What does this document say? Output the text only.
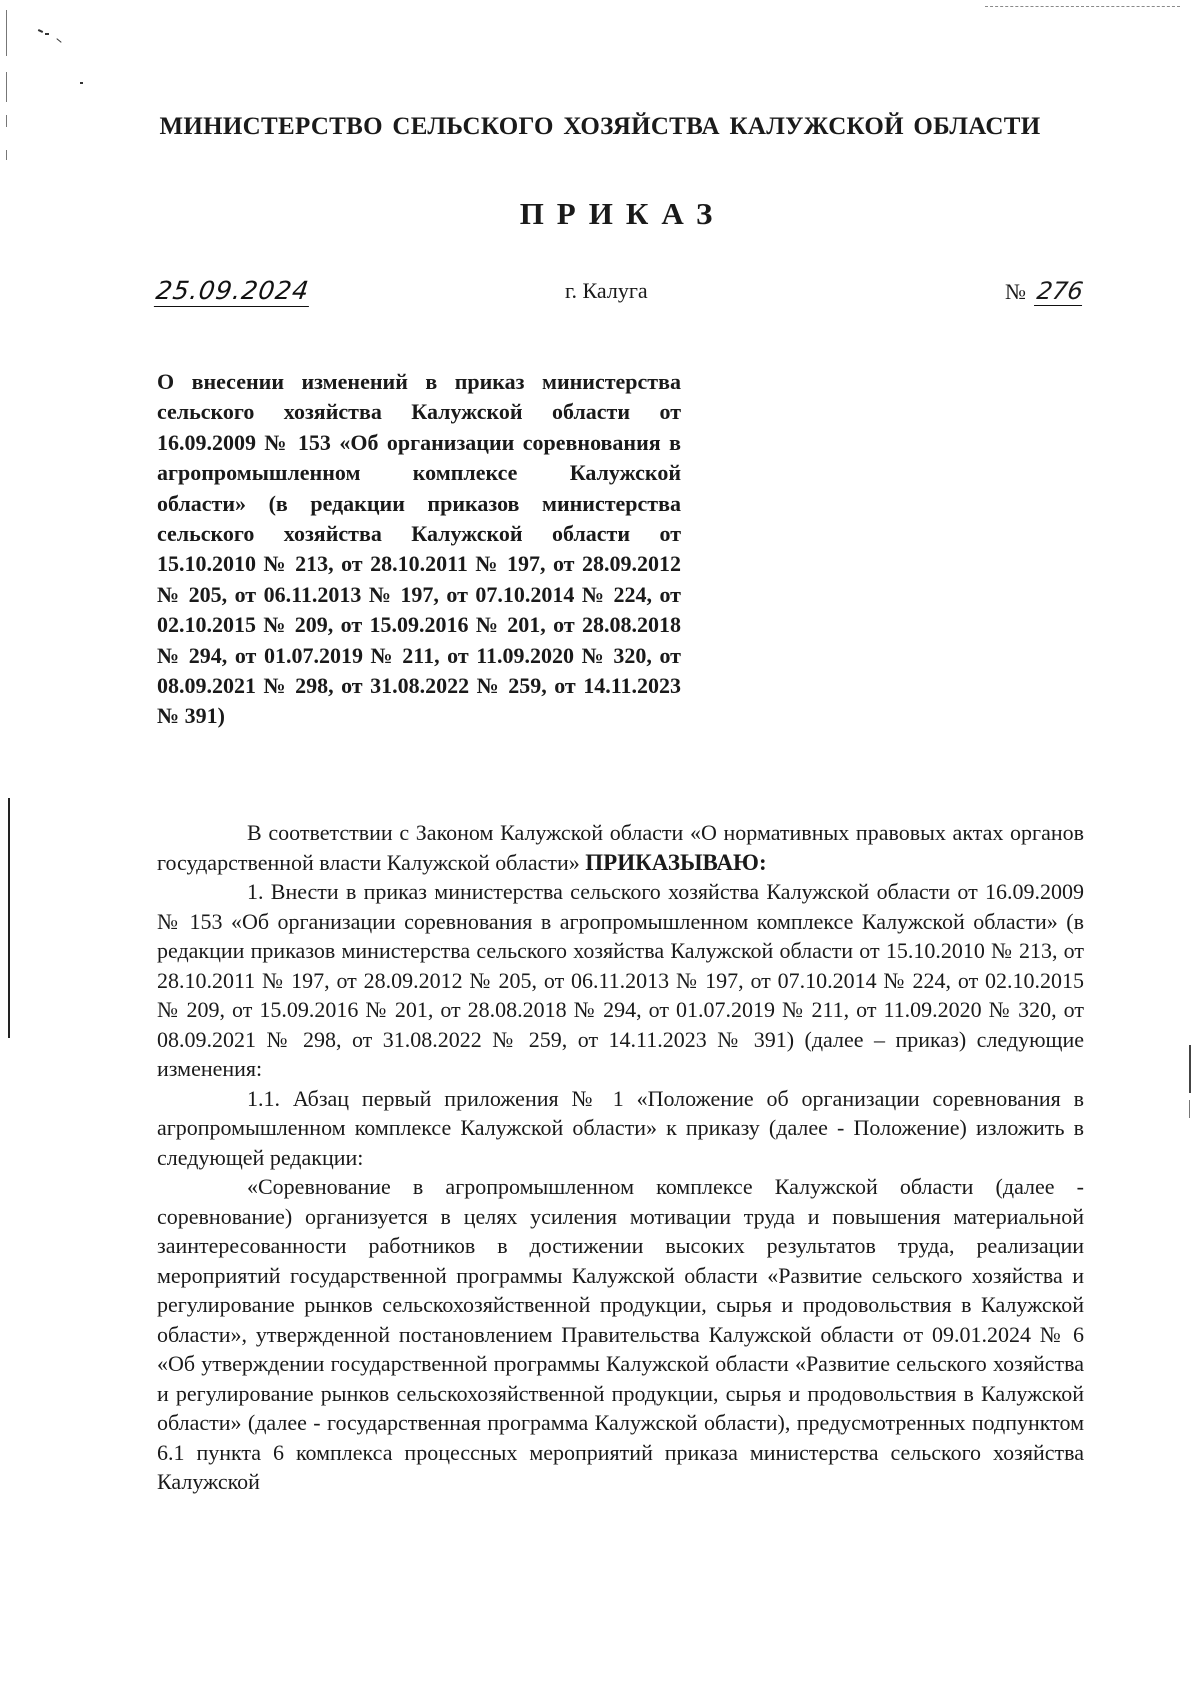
МИНИСТЕРСТВО СЕЛЬСКОГО ХОЗЯЙСТВА КАЛУЖСКОЙ ОБЛАСТИ
ПРИКАЗ
25.09.2024	г. Калуга	№ 276
О внесении изменений в приказ министерства сельского хозяйства Калужской области от 16.09.2009 № 153 «Об организации соревнования в агропромышленном комплексе Калужской области» (в редакции приказов министерства сельского хозяйства Калужской области от 15.10.2010 № 213, от 28.10.2011 № 197, от 28.09.2012 № 205, от 06.11.2013 № 197, от 07.10.2014 № 224, от 02.10.2015 № 209, от 15.09.2016 № 201, от 28.08.2018 № 294, от 01.07.2019 № 211, от 11.09.2020 № 320, от 08.09.2021 № 298, от 31.08.2022 № 259, от 14.11.2023 № 391)

В соответствии с Законом Калужской области «О нормативных правовых актах органов государственной власти Калужской области» ПРИКАЗЫВАЮ:

1. Внести в приказ министерства сельского хозяйства Калужской области от 16.09.2009 № 153 «Об организации соревнования в агропромышленном комплексе Калужской области» (в редакции приказов министерства сельского хозяйства Калужской области от 15.10.2010 № 213, от 28.10.2011 № 197, от 28.09.2012 № 205, от 06.11.2013 № 197, от 07.10.2014 № 224, от 02.10.2015 № 209, от 15.09.2016 № 201, от 28.08.2018 № 294, от 01.07.2019 № 211, от 11.09.2020 № 320, от 08.09.2021 № 298, от 31.08.2022 № 259, от 14.11.2023 № 391) (далее – приказ) следующие изменения:

1.1. Абзац первый приложения № 1 «Положение об организации соревнования в агропромышленном комплексе Калужской области» к приказу (далее - Положение) изложить в следующей редакции:

«Соревнование в агропромышленном комплексе Калужской области (далее - соревнование) организуется в целях усиления мотивации труда и повышения материальной заинтересованности работников в достижении высоких результатов труда, реализации мероприятий государственной программы Калужской области «Развитие сельского хозяйства и регулирование рынков сельскохозяйственной продукции, сырья и продовольствия в Калужской области», утвержденной постановлением Правительства Калужской области от 09.01.2024 № 6 «Об утверждении государственной программы Калужской области «Развитие сельского хозяйства и регулирование рынков сельскохозяйственной продукции, сырья и продовольствия в Калужской области» (далее - государственная программа Калужской области), предусмотренных подпунктом 6.1 пункта 6 комплекса процессных мероприятий приказа министерства сельского хозяйства Калужской
